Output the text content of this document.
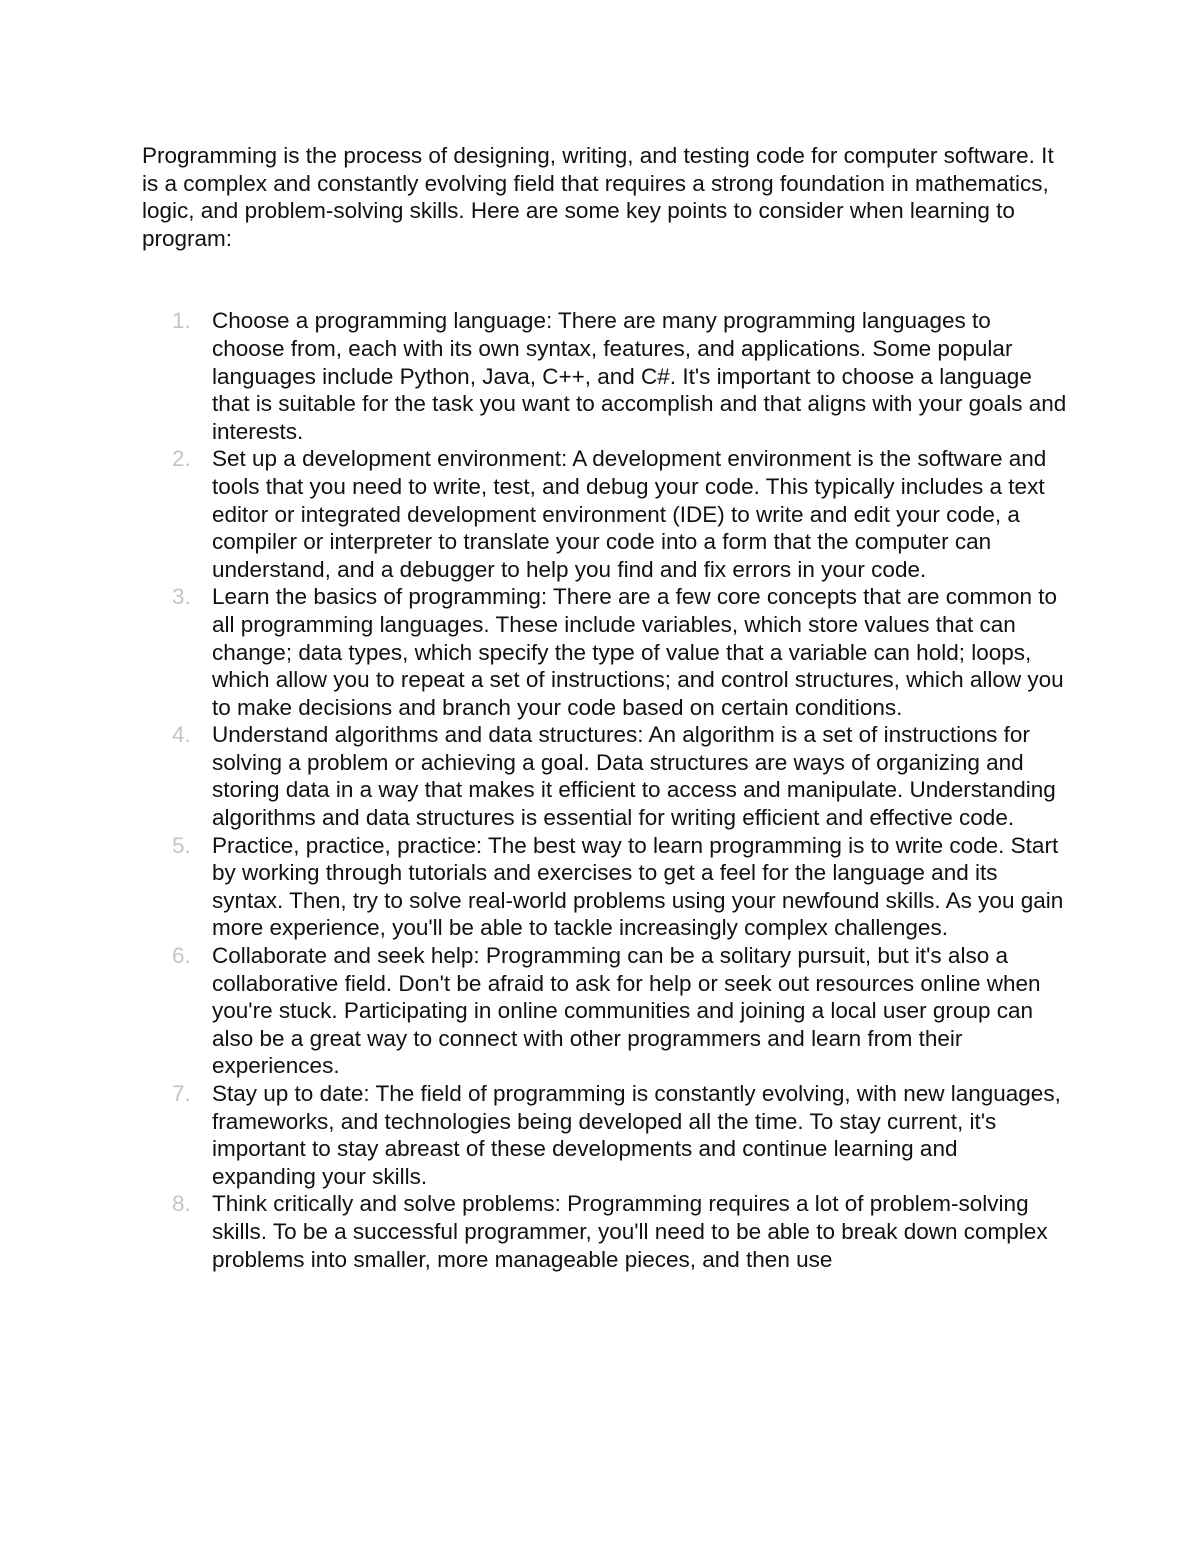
Programming is the process of designing, writing, and testing code for computer software. It is a complex and constantly evolving field that requires a strong foundation in mathematics, logic, and problem-solving skills. Here are some key points to consider when learning to program:

1. Choose a programming language: There are many programming languages to choose from, each with its own syntax, features, and applications. Some popular languages include Python, Java, C++, and C#. It's important to choose a language that is suitable for the task you want to accomplish and that aligns with your goals and interests.
2. Set up a development environment: A development environment is the software and tools that you need to write, test, and debug your code. This typically includes a text editor or integrated development environment (IDE) to write and edit your code, a compiler or interpreter to translate your code into a form that the computer can understand, and a debugger to help you find and fix errors in your code.
3. Learn the basics of programming: There are a few core concepts that are common to all programming languages. These include variables, which store values that can change; data types, which specify the type of value that a variable can hold; loops, which allow you to repeat a set of instructions; and control structures, which allow you to make decisions and branch your code based on certain conditions.
4. Understand algorithms and data structures: An algorithm is a set of instructions for solving a problem or achieving a goal. Data structures are ways of organizing and storing data in a way that makes it efficient to access and manipulate. Understanding algorithms and data structures is essential for writing efficient and effective code.
5. Practice, practice, practice: The best way to learn programming is to write code. Start by working through tutorials and exercises to get a feel for the language and its syntax. Then, try to solve real-world problems using your newfound skills. As you gain more experience, you'll be able to tackle increasingly complex challenges.
6. Collaborate and seek help: Programming can be a solitary pursuit, but it's also a collaborative field. Don't be afraid to ask for help or seek out resources online when you're stuck. Participating in online communities and joining a local user group can also be a great way to connect with other programmers and learn from their experiences.
7. Stay up to date: The field of programming is constantly evolving, with new languages, frameworks, and technologies being developed all the time. To stay current, it's important to stay abreast of these developments and continue learning and expanding your skills.
8. Think critically and solve problems: Programming requires a lot of problem-solving skills. To be a successful programmer, you'll need to be able to break down complex problems into smaller, more manageable pieces, and then use
